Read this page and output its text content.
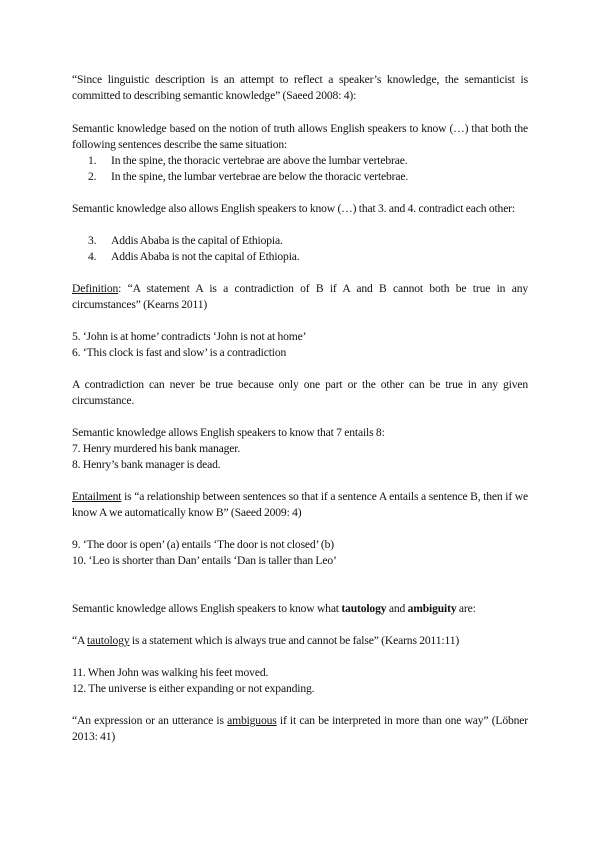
“Since linguistic description is an attempt to reflect a speaker’s knowledge, the semanticist is committed to describing semantic knowledge” (Saeed 2008: 4):
Semantic knowledge based on the notion of truth allows English speakers to know (…) that both the following sentences describe the same situation:
1. In the spine, the thoracic vertebrae are above the lumbar vertebrae.
2. In the spine, the lumbar vertebrae are below the thoracic vertebrae.
Semantic knowledge also allows English speakers to know (…) that 3. and 4. contradict each other:
3. Addis Ababa is the capital of Ethiopia.
4. Addis Ababa is not the capital of Ethiopia.
Definition: “A statement A is a contradiction of B if A and B cannot both be true in any circumstances” (Kearns 2011)
5. ‘John is at home’ contradicts ‘John is not at home’
6. ‘This clock is fast and slow’ is a contradiction
A contradiction can never be true because only one part or the other can be true in any given circumstance.
Semantic knowledge allows English speakers to know that 7 entails 8:
7. Henry murdered his bank manager.
8. Henry’s bank manager is dead.
Entailment is “a relationship between sentences so that if a sentence A entails a sentence B, then if we know A we automatically know B” (Saeed 2009: 4)
9. ‘The door is open’ (a) entails ‘The door is not closed’ (b)
10. ‘Leo is shorter than Dan’ entails ‘Dan is taller than Leo’
Semantic knowledge allows English speakers to know what tautology and ambiguity are:
“A tautology is a statement which is always true and cannot be false” (Kearns 2011:11)
11. When John was walking his feet moved.
12. The universe is either expanding or not expanding.
“An expression or an utterance is ambiguous if it can be interpreted in more than one way” (Löbner 2013: 41)
